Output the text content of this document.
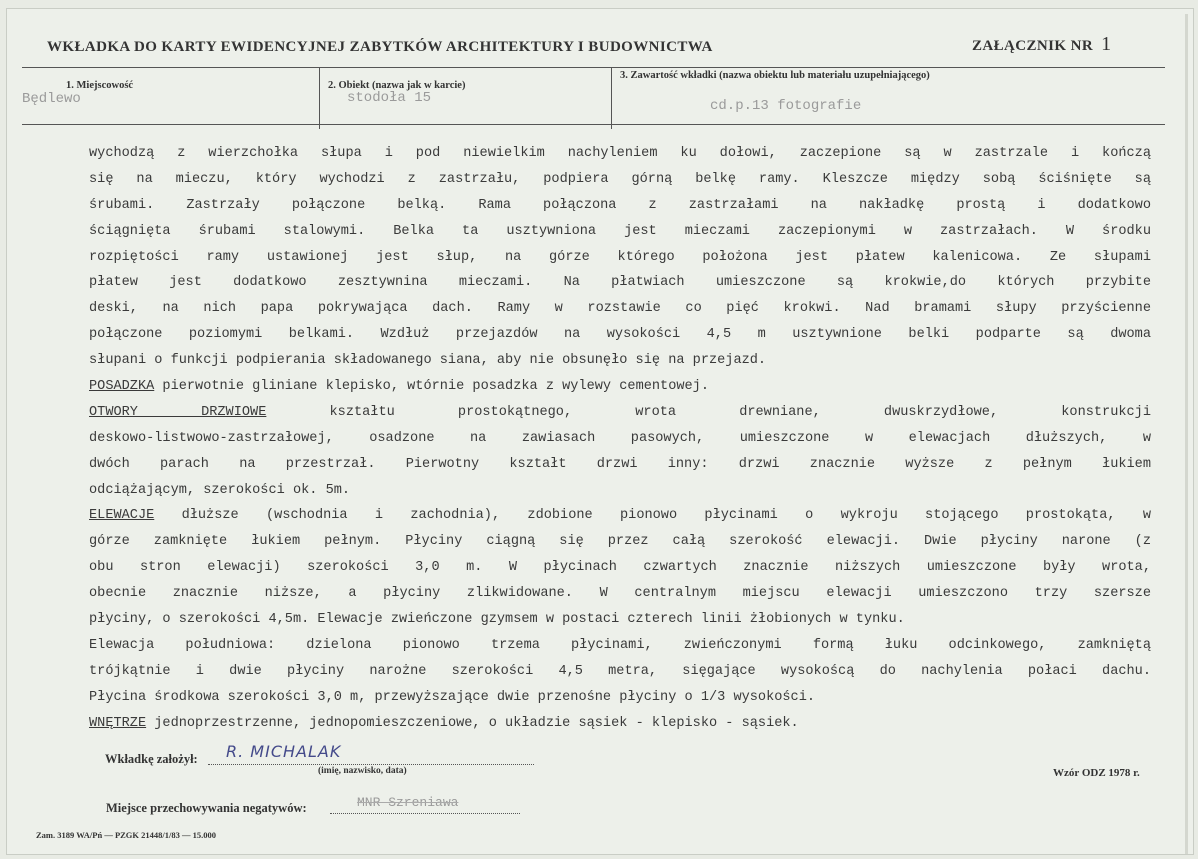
WKŁADKA DO KARTY EWIDENCYJNEJ ZABYTKÓW ARCHITEKTURY I BUDOWNICTWA	ZAŁĄCZNIK NR 1
1. Miejscowość
Będlewo
2. Obiekt (nazwa jak w karcie)
stodoła 15
3. Zawartość wkładki (nazwa obiektu lub materiału uzupełniającego)
cd.p.13 fotografie
wychodzą z wierzchołka słupa i pod niewielkim nachyleniem ku dołowi, zaczepione są w zastrzale i kończą
się na mieczu, który wychodzi z zastrzału, podpiera górną belkę ramy. Kleszcze między sobą ściśnięte są
śrubami. Zastrzały połączone belką. Rama połączona z zastrzałami na nakładkę prostą i dodatkowo
ściągnięta śrubami stalowymi. Belka ta usztywniona jest mieczami zaczepionymi w zastrzałach. W środku
rozpiętości ramy ustawionej jest słup, na górze którego położona jest płatew kalenicowa. Ze słupami
płatew jest dodatkowo zesztywnina mieczami. Na płatwiach umieszczone są krokwie,do których przybite
deski, na nich papa pokrywająca dach. Ramy w rozstawie co pięć krokwi. Nad bramami słupy przyścienne
połączone poziomymi belkami. Wzdłuż przejazdów na wysokości 4,5 m usztywnione belki podparte są dwoma
słupani o funkcji podpierania składowanego siana, aby nie obsunęło się na przejazd.
POSADZKA pierwotnie gliniane klepisko, wtórnie posadzka z wylewy cementowej.
OTWORY DRZWIOWE kształtu prostokątnego, wrota drewniane, dwuskrzydłowe, konstrukcji
deskowo-listwowo-zastrzałowej, osadzone na zawiasach pasowych, umieszczone w elewacjach dłuższych, w
dwóch parach na przestrzał. Pierwotny kształt drzwi inny: drzwi znacznie wyższe z pełnym łukiem
odciążającym, szerokości ok. 5m.
ELEWACJE dłuższe (wschodnia i zachodnia), zdobione pionowo płycinami o wykroju stojącego prostokąta, w
górze zamknięte łukiem pełnym. Płyciny ciągną się przez całą szerokość elewacji. Dwie płyciny narone (z
obu stron elewacji) szerokości 3,0 m. W płycinach czwartych znacznie niższych umieszczone były wrota,
obecnie znacznie niższe, a płyciny zlikwidowane. W centralnym miejscu elewacji umieszczono trzy szersze
płyciny, o szerokości 4,5m. Elewacje zwieńczone gzymsem w postaci czterech linii żłobionych w tynku.
Elewacja południowa: dzielona pionowo trzema płycinami, zwieńczonymi formą łuku odcinkowego, zamkniętą
trójkątnie i dwie płyciny narożne szerokości 4,5 metra, sięgające wysokoścą do nachylenia połaci dachu.
Płycina środkowa szerokości 3,0 m, przewyższające dwie przenośne płyciny o 1/3 wysokości.
WNĘTRZE jednoprzestrzenne, jednopomieszczeniowe, o układzie sąsiek - klepisko - sąsiek.
Wkładkę założył: R. MICHALAK
(imię, nazwisko, data)	Wzór ODZ 1978 r.
Miejsce przechowywania negatywów:	MNR Szreniawa
Zam. 3189 WA/Pń — PZGK 21448/1/83 — 15.000
